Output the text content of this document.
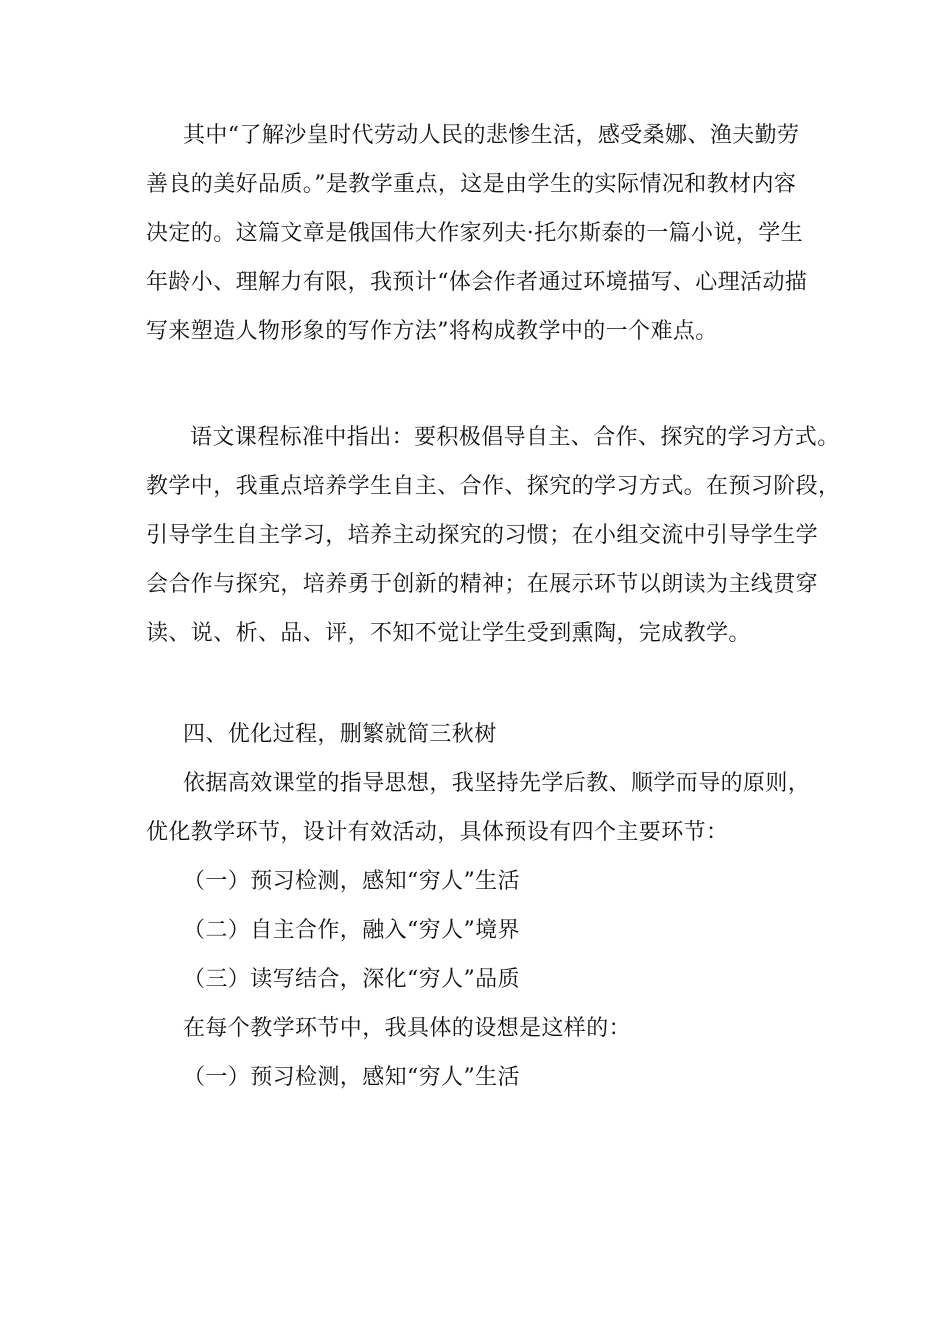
其中“了解沙皇时代劳动人民的悲惨生活，感受桑娜、渔夫勤劳
善良的美好品质。”是教学重点，这是由学生的实际情况和教材内容
决定的。这篇文章是俄国伟大作家列夫·托尔斯泰的一篇小说，学生
年龄小、理解力有限，我预计“体会作者通过环境描写、心理活动描
写来塑造人物形象的写作方法”将构成教学中的一个难点。
语文课程标准中指出：要积极倡导自主、合作、探究的学习方式。
教学中，我重点培养学生自主、合作、探究的学习方式。在预习阶段，
引导学生自主学习，培养主动探究的习惯；在小组交流中引导学生学
会合作与探究，培养勇于创新的精神；在展示环节以朗读为主线贯穿
读、说、析、品、评，不知不觉让学生受到熏陶，完成教学。
四、优化过程，删繁就简三秋树
依据高效课堂的指导思想，我坚持先学后教、顺学而导的原则，
优化教学环节，设计有效活动，具体预设有四个主要环节：
（一）预习检测，感知“穷人”生活
（二）自主合作，融入“穷人”境界
（三）读写结合，深化“穷人”品质
在每个教学环节中，我具体的设想是这样的：
（一）预习检测，感知“穷人”生活
